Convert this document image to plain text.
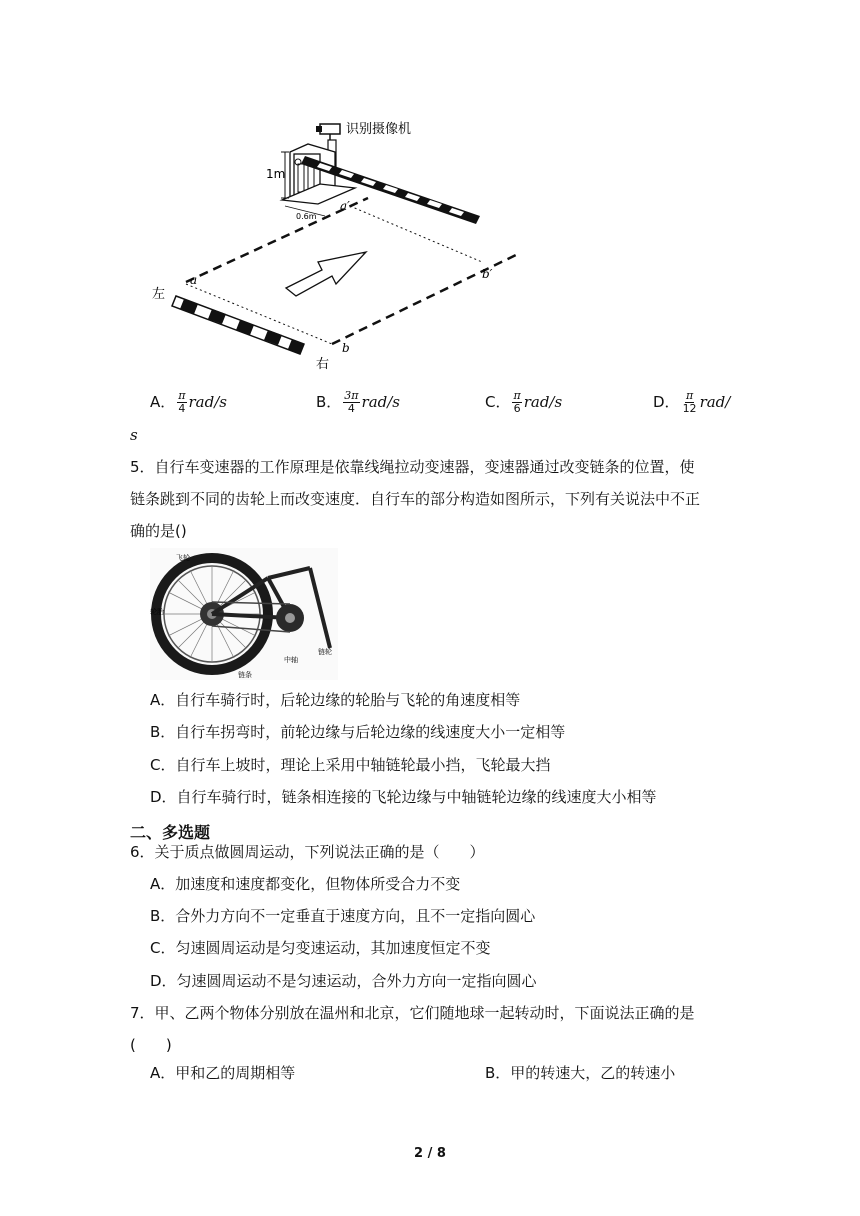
识别摄像机
1m
0.6m
a′
b′
a
b
左
右
A． $\frac{\pi}{4} rad/s$	B． $\frac{3\pi}{4} rad/s$	C． $\frac{\pi}{6} rad/s$	D． $\frac{\pi}{12} rad/$
s
5．自行车变速器的工作原理是依靠线绳拉动变速器，变速器通过改变链条的位置，使
链条跳到不同的齿轮上而改变速度．自行车的部分构造如图所示，下列有关说法中不正
确的是()
飞轮
轮胎
链条
中轴
链轮
A．自行车骑行时，后轮边缘的轮胎与飞轮的角速度相等
B．自行车拐弯时，前轮边缘与后轮边缘的线速度大小一定相等
C．自行车上坡时，理论上采用中轴链轮最小挡，飞轮最大挡
D．自行车骑行时，链条相连接的飞轮边缘与中轴链轮边缘的线速度大小相等
二、多选题
6．关于质点做圆周运动，下列说法正确的是（　　）
A．加速度和速度都变化，但物体所受合力不变
B．合外力方向不一定垂直于速度方向，且不一定指向圆心
C．匀速圆周运动是匀变速运动，其加速度恒定不变
D．匀速圆周运动不是匀速运动，合外力方向一定指向圆心
7．甲、乙两个物体分别放在温州和北京，它们随地球一起转动时，下面说法正确的是
(　　)
A．甲和乙的周期相等	B．甲的转速大，乙的转速小
2 / 8
